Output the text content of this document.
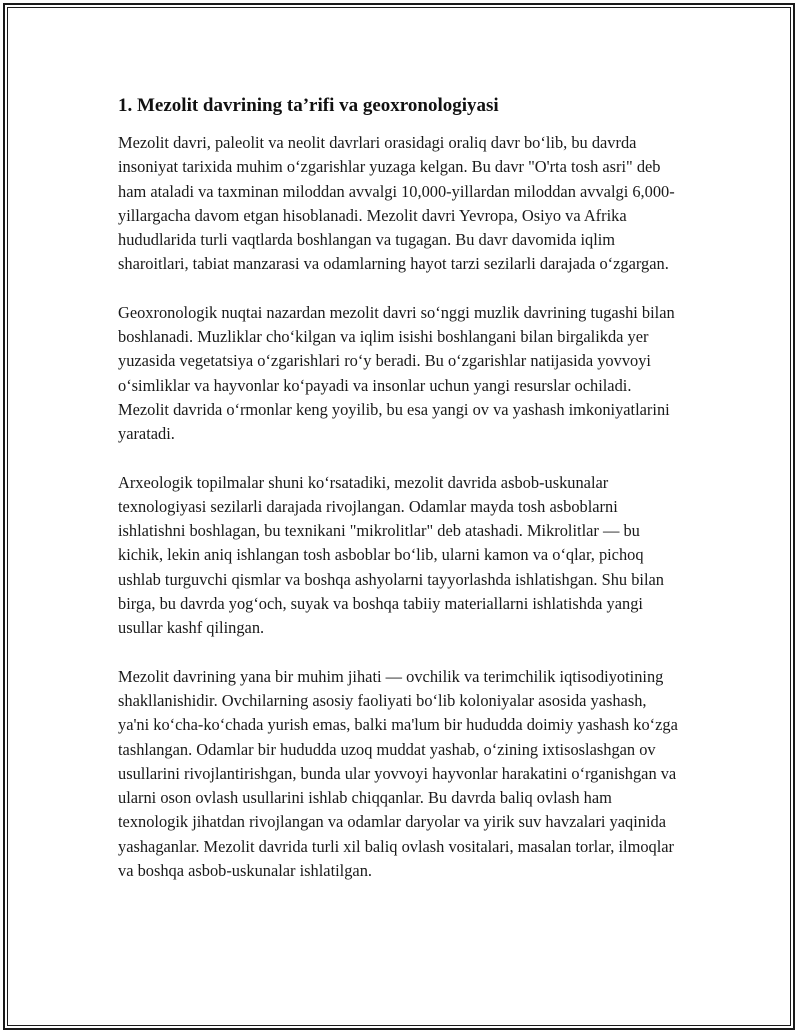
1. Mezolit davrining ta’rifi va geoxronologiyasi

Mezolit davri, paleolit va neolit davrlari orasidagi oraliq davr bo‘lib, bu davrda insoniyat tarixida muhim o‘zgarishlar yuzaga kelgan. Bu davr "O'rta tosh asri" deb ham ataladi va taxminan miloddan avvalgi 10,000-yillardan miloddan avvalgi 6,000-yillargacha davom etgan hisoblanadi. Mezolit davri Yevropa, Osiyo va Afrika hududlarida turli vaqtlarda boshlangan va tugagan. Bu davr davomida iqlim sharoitlari, tabiat manzarasi va odamlarning hayot tarzi sezilarli darajada o‘zgargan.

Geoxronologik nuqtai nazardan mezolit davri so‘nggi muzlik davrining tugashi bilan boshlanadi. Muzliklar cho‘kilgan va iqlim isishi boshlangani bilan birgalikda yer yuzasida vegetatsiya o‘zgarishlari ro‘y beradi. Bu o‘zgarishlar natijasida yovvoyi o‘simliklar va hayvonlar ko‘payadi va insonlar uchun yangi resurslar ochiladi. Mezolit davrida o‘rmonlar keng yoyilib, bu esa yangi ov va yashash imkoniyatlarini yaratadi.

Arxeologik topilmalar shuni ko‘rsatadiki, mezolit davrida asbob-uskunalar texnologiyasi sezilarli darajada rivojlangan. Odamlar mayda tosh asboblarni ishlatishni boshlagan, bu texnikani "mikrolitlar" deb atashadi. Mikrolitlar — bu kichik, lekin aniq ishlangan tosh asboblar bo‘lib, ularni kamon va o‘qlar, pichoq ushlab turguvchi qismlar va boshqa ashyolarni tayyorlashda ishlatishgan. Shu bilan birga, bu davrda yog‘och, suyak va boshqa tabiiy materiallarni ishlatishda yangi usullar kashf qilingan.

Mezolit davrining yana bir muhim jihati — ovchilik va terimchilik iqtisodiyotining shakllanishidir. Ovchilarning asosiy faoliyati bo‘lib koloniyalar asosida yashash, ya'ni ko‘cha-ko‘chada yurish emas, balki ma'lum bir hududda doimiy yashash ko‘zga tashlangan. Odamlar bir hududda uzoq muddat yashab, o‘zining ixtisoslashgan ov usullarini rivojlantirishgan, bunda ular yovvoyi hayvonlar harakatini o‘rganishgan va ularni oson ovlash usullarini ishlab chiqqanlar. Bu davrda baliq ovlash ham texnologik jihatdan rivojlangan va odamlar daryolar va yirik suv havzalari yaqinida yashaganlar. Mezolit davrida turli xil baliq ovlash vositalari, masalan torlar, ilmoqlar va boshqa asbob-uskunalar ishlatilgan.
